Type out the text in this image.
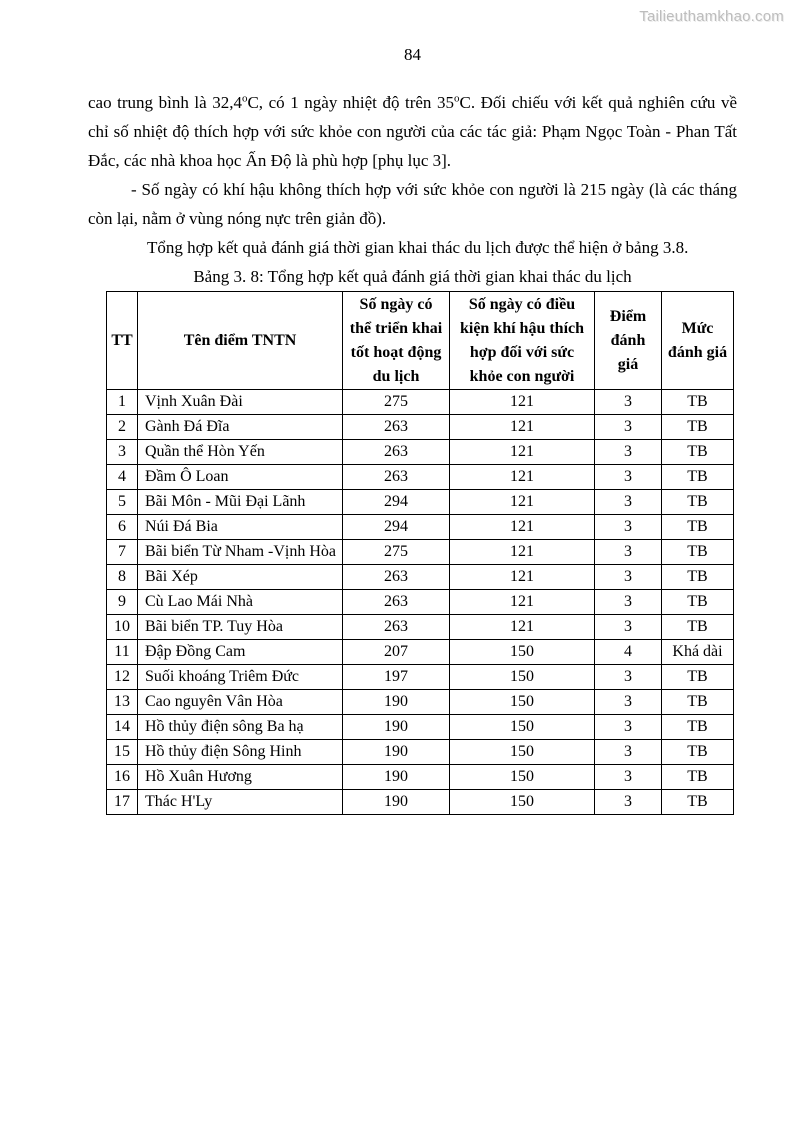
Tailieuthamkhao.com
84

cao trung bình là 32,4$^o$C, có 1 ngày nhiệt độ trên 35$^o$C. Đối chiếu với kết quả nghiên cứu về chỉ số nhiệt độ thích hợp với sức khỏe con người của các tác giả: Phạm Ngọc Toàn - Phan Tất Đắc, các nhà khoa học Ấn Độ là phù hợp [phụ lục 3].

- Số ngày có khí hậu không thích hợp với sức khỏe con người là 215 ngày (là các tháng còn lại, nằm ở vùng nóng nực trên giản đồ).

Tổng hợp kết quả đánh giá thời gian khai thác du lịch được thể hiện ở bảng 3.8.

Bảng 3. 8: Tổng hợp kết quả đánh giá thời gian khai thác du lịch

TT	Tên điểm TNTN	Số ngày có thể triển khai tốt hoạt động du lịch	Số ngày có điều kiện khí hậu thích hợp đối với sức khỏe con người	Điểm đánh giá	Mức đánh giá
1	Vịnh Xuân Đài	275	121	3	TB
2	Gành Đá Đĩa	263	121	3	TB
3	Quần thể Hòn Yến	263	121	3	TB
4	Đầm Ô Loan	263	121	3	TB
5	Bãi Môn - Mũi Đại Lãnh	294	121	3	TB
6	Núi Đá Bia	294	121	3	TB
7	Bãi biển Từ Nham -Vịnh Hòa	275	121	3	TB
8	Bãi Xép	263	121	3	TB
9	Cù Lao Mái Nhà	263	121	3	TB
10	Bãi biển TP. Tuy Hòa	263	121	3	TB
11	Đập Đồng Cam	207	150	4	Khá dài
12	Suối khoáng Triêm Đức	197	150	3	TB
13	Cao nguyên Vân Hòa	190	150	3	TB
14	Hồ thủy điện sông Ba hạ	190	150	3	TB
15	Hồ thủy điện Sông Hinh	190	150	3	TB
16	Hồ Xuân Hương	190	150	3	TB
17	Thác H'Ly	190	150	3	TB
